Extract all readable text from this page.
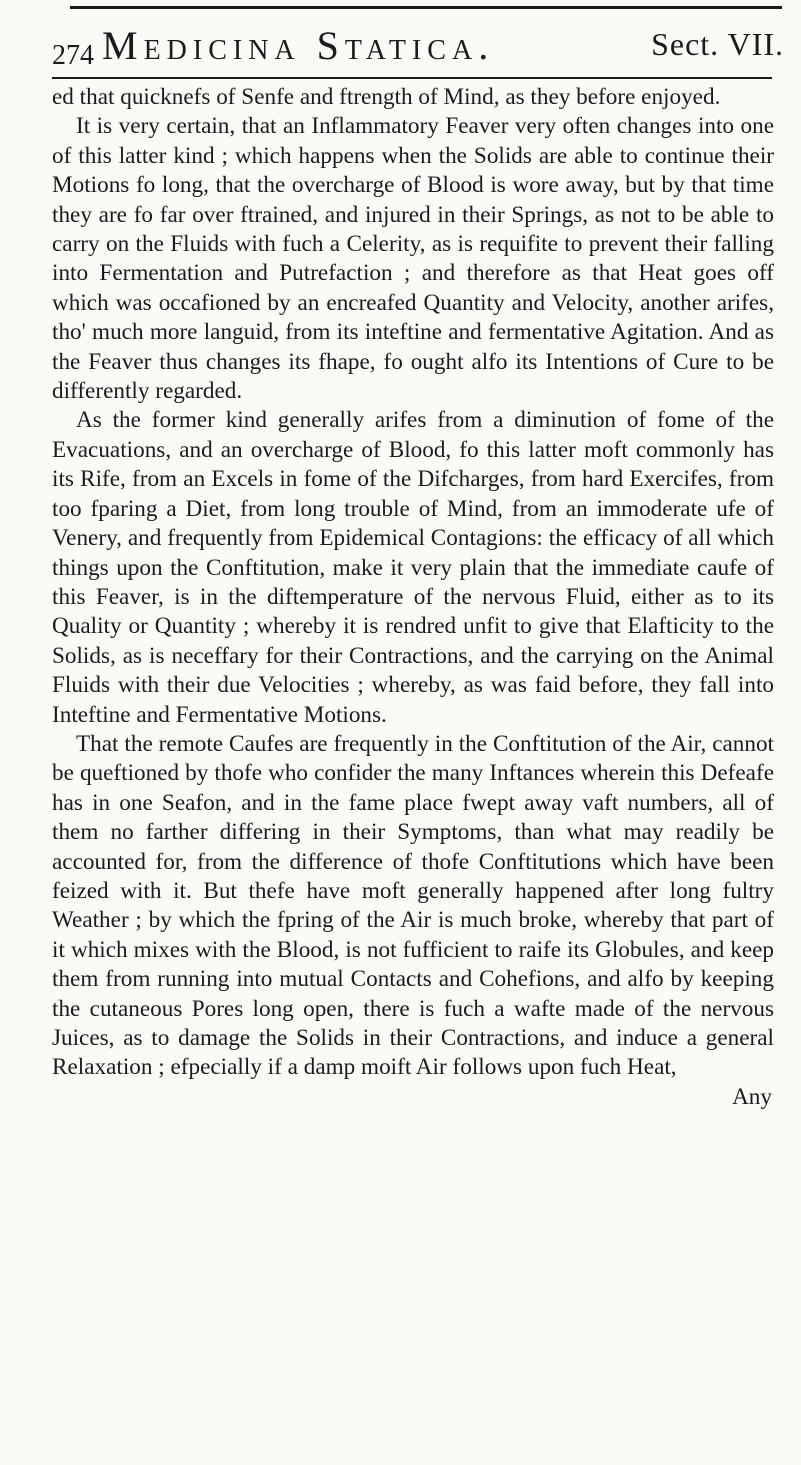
274 Medicina Statica.	Sect. VII.

ed that quicknefs of Senfe and ftrength of Mind, as they before enjoyed.

It is very certain, that an Inflammatory Feaver very often changes into one of this latter kind ; which happens when the Solids are able to continue their Motions fo long, that the overcharge of Blood is wore away, but by that time they are fo far over ftrained, and injured in their Springs, as not to be able to carry on the Fluids with fuch a Celerity, as is requifite to prevent their falling into Fermentation and Putrefaction ; and therefore as that Heat goes off which was occafioned by an encreafed Quantity and Velocity, another arifes, tho' much more languid, from its inteftine and fermentative Agitation. And as the Feaver thus changes its fhape, fo ought alfo its Intentions of Cure to be differently regarded.

As the former kind generally arifes from a diminution of fome of the Evacuations, and an overcharge of Blood, fo this latter moft commonly has its Rife, from an Excels in fome of the Difcharges, from hard Exercifes, from too fparing a Diet, from long trouble of Mind, from an immoderate ufe of Venery, and frequently from Epidemical Contagions: the efficacy of all which things upon the Conftitution, make it very plain that the immediate caufe of this Feaver, is in the diftemperature of the nervous Fluid, either as to its Quality or Quantity ; whereby it is rendred unfit to give that Elafticity to the Solids, as is neceffary for their Contractions, and the carrying on the Animal Fluids with their due Velocities ; whereby, as was faid before, they fall into Inteftine and Fermentative Motions.

That the remote Caufes are frequently in the Conftitution of the Air, cannot be queftioned by thofe who confider the many Inftances wherein this Defeafe has in one Seafon, and in the fame place fwept away vaft numbers, all of them no farther differing in their Symptoms, than what may readily be accounted for, from the difference of thofe Conftitutions which have been feized with it. But thefe have moft generally happened after long fultry Weather ; by which the fpring of the Air is much broke, whereby that part of it which mixes with the Blood, is not fufficient to raife its Globules, and keep them from running into mutual Contacts and Cohefions, and alfo by keeping the cutaneous Pores long open, there is fuch a wafte made of the nervous Juices, as to damage the Solids in their Contractions, and induce a general Relaxation ; efpecially if a damp moift Air follows upon fuch Heat,

Any
